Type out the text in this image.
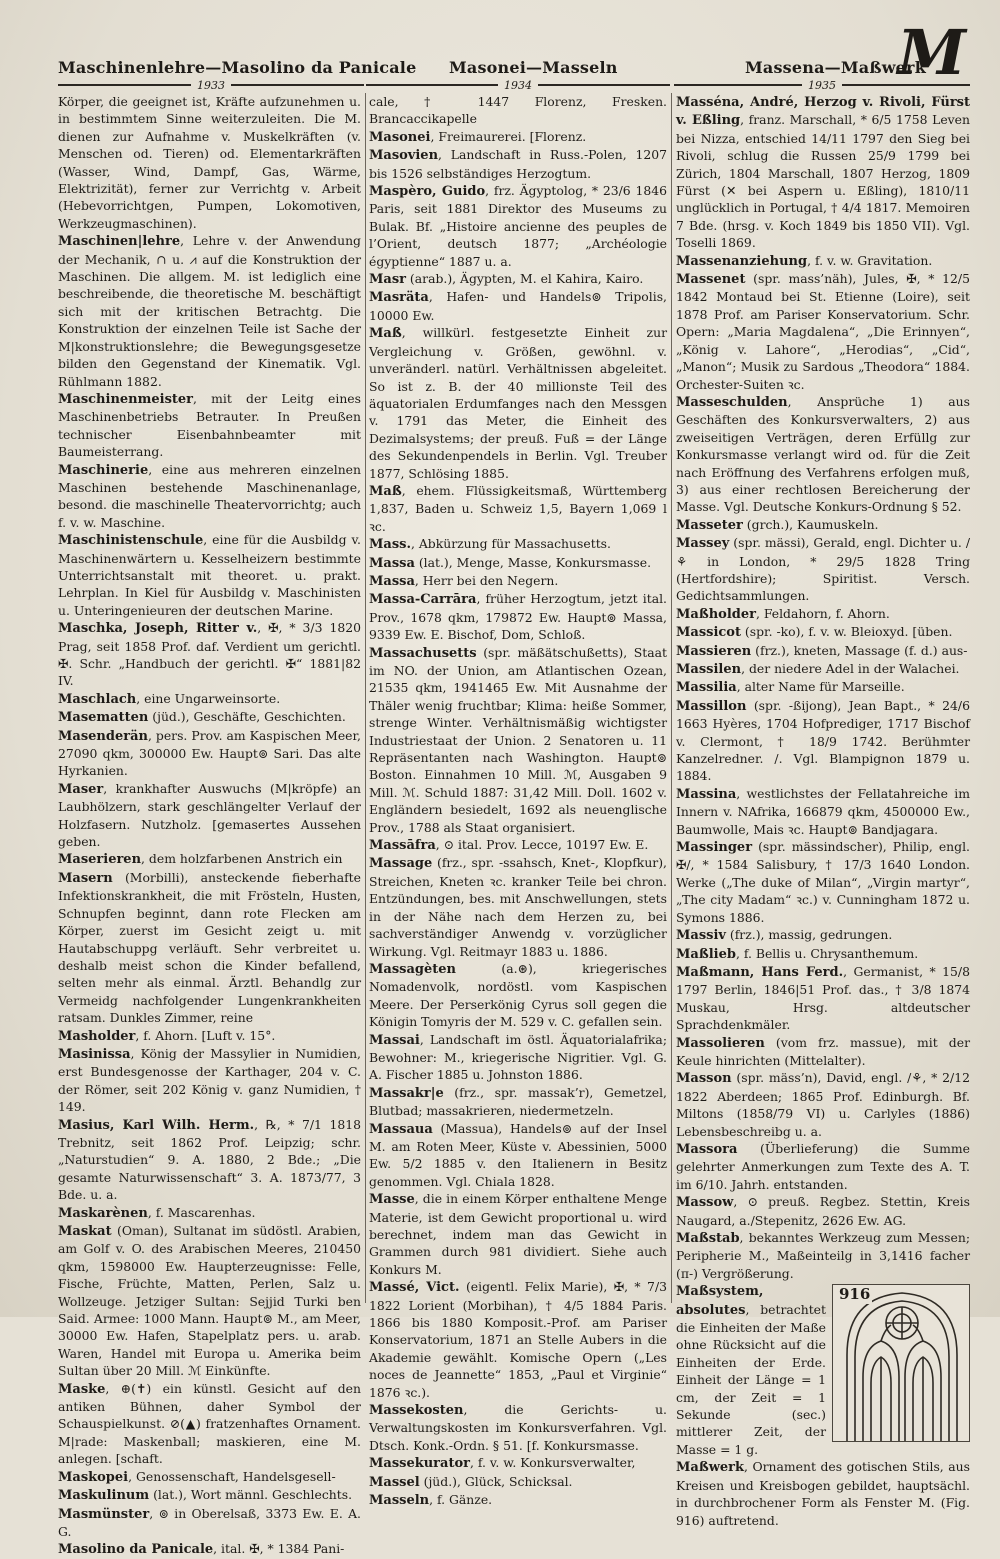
Maschinenlehre—Masolino da Panicale Masonei—Masseln	Massena—Maßwerk
M
1933	1934	1935

Körper, die geeignet ist, Kräfte aufzunehmen u. in bestimmtem Sinne weiterzuleiten. Die M. dienen zur Aufnahme v. Muskelkräften (v. Menschen od. Tieren) od. Elementarkräften (Wasser, Wind, Dampf, Gas, Wärme, Elektrizität), ferner zur Verrichtg v. Arbeit (Hebevorrichtgen, Pumpen, Lokomotiven, Werkzeugmaschinen).

Maschinen|lehre, Lehre v. der Anwendung der Mechanik, ∩ u. ⩘ auf die Konstruktion der Maschinen. Die allgem. M. ist lediglich eine beschreibende, die theoretische M. beschäftigt sich mit der kritischen Betrachtg. Die Konstruktion der einzelnen Teile ist Sache der M|konstruktionslehre; die Bewegungsgesetze bilden den Gegenstand der Kinematik. Vgl. Rühlmann 1882.

Maschinenmeister, mit der Leitg eines Maschinenbetriebs Betrauter. In Preußen technischer Eisenbahnbeamter mit Baumeisterrang.

Maschinerie, eine aus mehreren einzelnen Maschinen bestehende Maschinenanlage, besond. die maschinelle Theatervorrichtg; auch f. v. w. Maschine.

Maschinistenschule, eine für die Ausbildg v. Maschinenwärtern u. Kesselheizern bestimmte Unterrichtsanstalt mit theoret. u. prakt. Lehrplan. In Kiel für Ausbildg v. Maschinisten u. Unteringenieuren der deutschen Marine.

Maschka, Joseph, Ritter v., ✠, * 3/3 1820 Prag, seit 1858 Prof. daf. Verdient um gerichtl. ✠. Schr. „Handbuch der gerichtl. ✠“ 1881|82 IV.

Maschlach, eine Ungarweinsorte.

Masematten (jüd.), Geschäfte, Geschichten.

Masenderän, pers. Prov. am Kaspischen Meer, 27090 qkm, 300000 Ew. Haupt⊚ Sari. Das alte Hyrkanien.

Maser, krankhafter Auswuchs (M|kröpfe) an Laubhölzern, stark geschlängelter Verlauf der Holzfasern. Nutzholz. [gemasertes Aussehen geben.

Maserieren, dem holzfarbenen Anstrich ein

Masern (Morbilli), ansteckende fieberhafte Infektionskrankheit, die mit Frösteln, Husten, Schnupfen beginnt, dann rote Flecken am Körper, zuerst im Gesicht zeigt u. mit Hautabschuppg verläuft. Sehr verbreitet u. deshalb meist schon die Kinder befallend, selten mehr als einmal. Ärztl. Behandlg zur Vermeidg nachfolgender Lungenkrankheiten ratsam. Dunkles Zimmer, reine

Masholder, f. Ahorn. [Luft v. 15°.

Masinissa, König der Massylier in Numidien, erst Bundesgenosse der Karthager, 204 v. C. der Römer, seit 202 König v. ganz Numidien, † 149.

Masius, Karl Wilh. Herm., ℞, * 7/1 1818 Trebnitz, seit 1862 Prof. Leipzig; schr. „Naturstudien“ 9. A. 1880, 2 Bde.; „Die gesamte Naturwissenschaft“ 3. A. 1873/77, 3 Bde. u. a.

Maskarènen, f. Mascarenhas.

Maskat (Oman), Sultanat im südöstl. Arabien, am Golf v. O. des Arabischen Meeres, 210450 qkm, 1598000 Ew. Haupterzeugnisse: Felle, Fische, Früchte, Matten, Perlen, Salz u. Wollzeuge. Jetziger Sultan: Sejjid Turki ben Said. Armee: 1000 Mann. Haupt⊚ M., am Meer, 30000 Ew. Hafen, Stapelplatz pers. u. arab. Waren, Handel mit Europa u. Amerika beim Sultan über 20 Mill. ℳ Einkünfte.

Maske, ⊕(✝) ein künstl. Gesicht auf den antiken Bühnen, daher Symbol der Schauspielkunst. ⊘(▲) fratzenhaftes Ornament. M|rade: Maskenball; maskieren, eine M. anlegen. [schaft.

Maskopei, Genossenschaft, Handelsgesell-

Maskulinum (lat.), Wort männl. Geschlechts.

Masmünster, ⊚ in Oberelsaß, 3373 Ew. E. A. G.

Masolino da Panicale, ital. ✠, * 1384 Pani-

cale, † 1447 Florenz, Fresken. Brancaccikapelle

Masonei, Freimaurerei. [Florenz.

Masovien, Landschaft in Russ.-Polen, 1207 bis 1526 selbständiges Herzogtum.

Maspèro, Guido, frz. Ägyptolog, * 23/6 1846 Paris, seit 1881 Direktor des Museums zu Bulak. Bf. „Histoire ancienne des peuples de l’Orient, deutsch 1877; „Archéologie égyptienne“ 1887 u. a.

Masr (arab.), Ägypten, M. el Kahira, Kairo.

Masräta, Hafen- und Handels⊚ Tripolis, 10000 Ew.

Maß, willkürl. festgesetzte Einheit zur Vergleichung v. Größen, gewöhnl. v. unveränderl. natürl. Verhältnissen abgeleitet. So ist z. B. der 40 millionste Teil des äquatorialen Erdumfanges nach den Messgen v. 1791 das Meter, die Einheit des Dezimalsystems; der preuß. Fuß = der Länge des Sekundenpendels in Berlin. Vgl. Treuber 1877, Schlösing 1885.

Maß, ehem. Flüssigkeitsmaß, Württemberg 1,837, Baden u. Schweiz 1,5, Bayern 1,069 l ꝛc.

Mass., Abkürzung für Massachusetts.

Massa (lat.), Menge, Masse, Konkursmasse.

Massa, Herr bei den Negern.

Massa-Carrāra, früher Herzogtum, jetzt ital. Prov., 1678 qkm, 179872 Ew. Haupt⊚ Massa, 9339 Ew. E. Bischof, Dom, Schloß.

Massachusetts (spr. mäßätschußetts), Staat im NO. der Union, am Atlantischen Ozean, 21535 qkm, 1941465 Ew. Mit Ausnahme der Thäler wenig fruchtbar; Klima: heiße Sommer, strenge Winter. Verhältnismäßig wichtigster Industriestaat der Union. 2 Senatoren u. 11 Repräsentanten nach Washington. Haupt⊚ Boston. Einnahmen 10 Mill. ℳ, Ausgaben 9 Mill. ℳ. Schuld 1887: 31,42 Mill. Doll. 1602 v. Engländern besiedelt, 1692 als neuenglische Prov., 1788 als Staat organisiert.

Massāfra, ⊙ ital. Prov. Lecce, 10197 Ew. E.

Massage (frz., spr. -ssahsch, Knet-, Klopfkur), Streichen, Kneten ꝛc. kranker Teile bei chron. Entzündungen, bes. mit Anschwellungen, stets in der Nähe nach dem Herzen zu, bei sachverständiger Anwendg v. vorzüglicher Wirkung. Vgl. Reitmayr 1883 u. 1886.

Massagèten (a.⊛), kriegerisches Nomadenvolk, nordöstl. vom Kaspischen Meere. Der Perserkönig Cyrus soll gegen die Königin Tomyris der M. 529 v. C. gefallen sein.

Massai, Landschaft im östl. Äquatorialafrika; Bewohner: M., kriegerische Nigritier. Vgl. G. A. Fischer 1885 u. Johnston 1886.

Massakr|e (frz., spr. massak’r), Gemetzel, Blutbad; massakrieren, niedermetzeln.

Massaua (Massua), Handels⊚ auf der Insel M. am Roten Meer, Küste v. Abessinien, 5000 Ew. 5/2 1885 v. den Italienern in Besitz genommen. Vgl. Chiala 1828.

Masse, die in einem Körper enthaltene Menge Materie, ist dem Gewicht proportional u. wird berechnet, indem man das Gewicht in Grammen durch 981 dividiert. Siehe auch Konkurs M.

Massé, Vict. (eigentl. Felix Marie), ✠, * 7/3 1822 Lorient (Morbihan), † 4/5 1884 Paris. 1866 bis 1880 Komposit.-Prof. am Pariser Konservatorium, 1871 an Stelle Aubers in die Akademie gewählt. Komische Opern („Les noces de Jeannette“ 1853, „Paul et Virginie“ 1876 ꝛc.).

Massekosten, die Gerichts- u. Verwaltungskosten im Konkursverfahren. Vgl. Dtsch. Konk.-Ordn. § 51. [f. Konkursmasse.

Massekurator, f. v. w. Konkursverwalter,

Massel (jüd.), Glück, Schicksal.

Masseln, f. Gänze.

Masséna, André, Herzog v. Rivoli, Fürst v. Eßling, franz. Marschall, * 6/5 1758 Leven bei Nizza, entschied 14/11 1797 den Sieg bei Rivoli, schlug die Russen 25/9 1799 bei Zürich, 1804 Marschall, 1807 Herzog, 1809 Fürst (✕ bei Aspern u. Eßling), 1810/11 unglücklich in Portugal, † 4/4 1817. Memoiren 7 Bde. (hrsg. v. Koch 1849 bis 1850 VII). Vgl. Toselli 1869.

Massenanziehung, f. v. w. Gravitation.

Massenet (spr. mass’näh), Jules, ✠, * 12/5 1842 Montaud bei St. Etienne (Loire), seit 1878 Prof. am Pariser Konservatorium. Schr. Opern: „Maria Magdalena“, „Die Erinnyen“, „König v. Lahore“, „Herodias“, „Cid“, „Manon“; Musik zu Sardous „Theodora“ 1884. Orchester-Suiten ꝛc.

Masseschulden, Ansprüche 1) aus Geschäften des Konkursverwalters, 2) aus zweiseitigen Verträgen, deren Erfüllg zur Konkursmasse verlangt wird od. für die Zeit nach Eröffnung des Verfahrens erfolgen muß, 3) aus einer rechtlosen Bereicherung der Masse. Vgl. Deutsche Konkurs-Ordnung § 52.

Masseter (grch.), Kaumuskeln.

Massey (spr. mässi), Gerald, engl. Dichter u. /⚘ in London, * 29/5 1828 Tring (Hertfordshire); Spiritist. Versch. Gedichtsammlungen.

Maßholder, Feldahorn, f. Ahorn.

Massicot (spr. -ko), f. v. w. Bleioxyd. [üben.

Massieren (frz.), kneten, Massage (f. d.) aus-

Massilen, der niedere Adel in der Walachei.

Massilia, alter Name für Marseille.

Massillon (spr. -ßijong), Jean Bapt., * 24/6 1663 Hyères, 1704 Hofprediger, 1717 Bischof v. Clermont, † 18/9 1742. Berühmter Kanzelredner. /. Vgl. Blampignon 1879 u. 1884.

Massina, westlichstes der Fellatahreiche im Innern v. NAfrika, 166879 qkm, 4500000 Ew., Baumwolle, Mais ꝛc. Haupt⊚ Bandjagara.

Massinger (spr. mässindscher), Philip, engl. ✠/, * 1584 Salisbury, † 17/3 1640 London. Werke („The duke of Milan“, „Virgin martyr“, „The city Madam“ ꝛc.) v. Cunningham 1872 u. Symons 1886.

Massiv (frz.), massig, gedrungen.

Maßlieb, f. Bellis u. Chrysanthemum.

Maßmann, Hans Ferd., Germanist, * 15/8 1797 Berlin, 1846|51 Prof. das., † 3/8 1874 Muskau, Hrsg. altdeutscher Sprachdenkmäler.

Massolieren (vom frz. massue), mit der Keule hinrichten (Mittelalter).

Masson (spr. mäss’n), David, engl. /⚘, * 2/12 1822 Aberdeen; 1865 Prof. Edinburgh. Bf. Miltons (1858/79 VI) u. Carlyles (1886) Lebensbeschreibg u. a.

Massora (Überlieferung) die Summe gelehrter Anmerkungen zum Texte des A. T. im 6/10. Jahrh. entstanden.

Massow, ⊙ preuß. Regbez. Stettin, Kreis Naugard, a./Stepenitz, 2626 Ew. AG.

Maßstab, bekanntes Werkzeug zum Messen; Peripherie M., Maßeinteilg in 3,1416 facher (π-) Vergrößerung.

916

Maßsystem, absolutes, betrachtet die Einheiten der Maße ohne Rücksicht auf die Einheiten der Erde. Einheit der Länge = 1 cm, der Zeit = 1 Sekunde (sec.) mittlerer Zeit, der Masse = 1 g.

Maßwerk, Ornament des gotischen Stils, aus Kreisen und Kreisbogen gebildet, hauptsächl. in durchbrochener Form als Fenster M. (Fig. 916) auftretend.
